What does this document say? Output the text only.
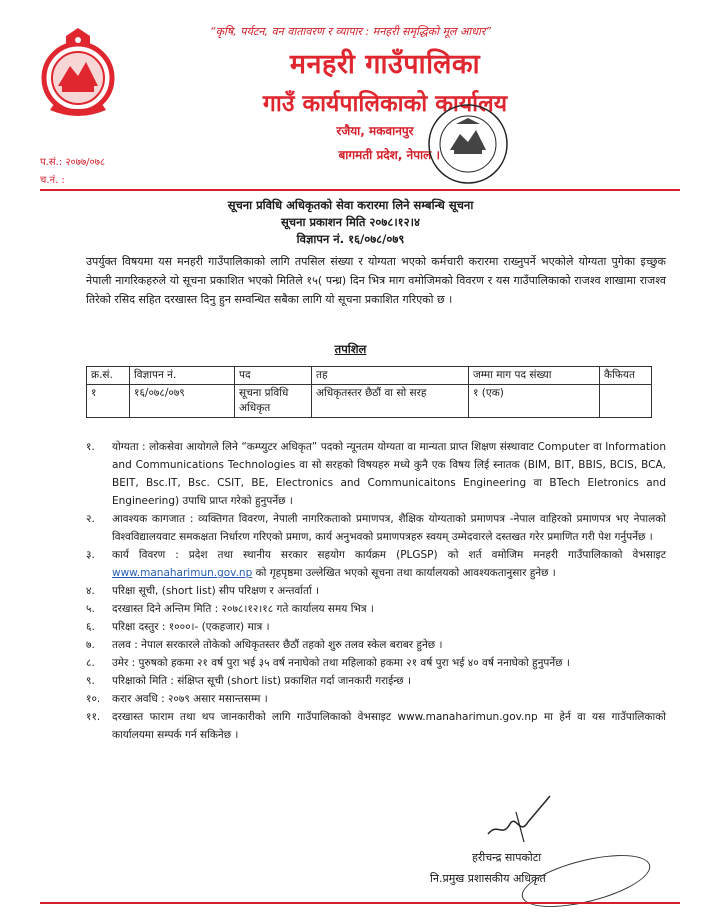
“कृषि, पर्यटन, वन वातावरण र व्यापार : मनहरी समृद्धिको मूल आधार”
मनहरी गाउँपालिका
गाउँ कार्यपालिकाको कार्यालय
रजैया, मकवानपुर
बागमती प्रदेश, नेपाल ।
प.सं.: २०७७/०७८
च.नं. :
सूचना प्रविधि अधिकृतको सेवा करारमा लिने सम्बन्धि सूचना
सूचना प्रकाशन मिति २०७८।१२।४
विज्ञापन नं. १६/०७८/०७९
उपर्युक्त विषयमा यस मनहरी गाउँपालिकाको लागि तपसिल संख्या र योग्यता भएको कर्मचारी करारमा राख्नुपर्ने भएकोले योग्यता पुगेका इच्छुक नेपाली नागरिकहरुले यो सूचना प्रकाशित भएको मितिले १५( पन्ध्र) दिन भित्र माग वमोजिमको विवरण र यस गाउँपालिकाको राजश्व शाखामा राजश्व तिरेको रसिद सहित दरखास्त दिनु हुन सम्वन्धित सबैका लागि यो सूचना प्रकाशित गरिएको छ ।
तपशिल
क्र.सं.	विज्ञापन नं.	पद	तह	जम्मा माग पद संख्या	कैफियत
१	१६/०७८/०७९	सूचना प्रविधि अधिकृत	अधिकृतस्तर छैठौं वा सो सरह	१ (एक)	
१.	योग्यता : लोकसेवा आयोगले लिने “कम्प्युटर अधिकृत” पदको न्यूनतम योग्यता वा मान्यता प्राप्त शिक्षण संस्थावाट Computer वा Information and Communications Technologies वा सो सरहको विषयहरु मध्ये कुनै एक विषय लिई स्नातक (BIM, BIT, BBIS, BCIS, BCA, BEIT, Bsc.IT, Bsc. CSIT, BE, Electronics and Communicaitons Engineering वा BTech Eletronics and Engineering) उपाधि प्राप्त गरेको हुनुपर्नेछ ।
२.	आवश्यक कागजात : व्यक्तिगत विवरण, नेपाली नागरिकताको प्रमाणपत्र, शैक्षिक योग्यताको प्रमाणपत्र -नेपाल वाहिरको प्रमाणपत्र भए नेपालको विश्वविद्यालयवाट समकक्षता निर्धारण गरिएको प्रमाण, कार्य अनुभवको प्रमाणपत्रहरु स्वयम् उम्मेदवारले दस्तखत गरेर प्रमाणित गरी पेश गर्नुपर्नेछ ।
३.	कार्य विवरण : प्रदेश तथा स्थानीय सरकार सहयोग कार्यक्रम (PLGSP) को शर्त वमोजिम मनहरी गाउँपालिकाको वेभसाइट www.manaharimun.gov.np को गृहपृष्ठमा उल्लेखित भएको सूचना तथा कार्यालयको आवश्यकतानुसार हुनेछ ।
४.	परिक्षा सूची, (short list) सीप परिक्षण र अन्तर्वार्ता ।
५.	दरखास्त दिने अन्तिम मिति : २०७८।१२।१८ गते कार्यालय समय भित्र ।
६.	परिक्षा दस्तुर : १०००।- (एकहजार) मात्र ।
७.	तलव : नेपाल सरकारले तोकेको अधिकृतस्तर छैठौं तहको शुरु तलव स्केल बराबर हुनेछ ।
८.	उमेर : पुरुषको हकमा २१ वर्ष पुरा भई ३५ वर्ष ननाघेको तथा महिलाको हकमा २१ वर्ष पुरा भई ४० वर्ष ननाघेको हुनुपर्नेछ ।
९.	परिक्षाको मिति : संक्षिप्त सूची (short list) प्रकाशित गर्दा जानकारी गराईन्छ ।
१०.	करार अवधि : २०७९ असार मसान्तसम्म ।
११.	दरखास्त फाराम तथा थप जानकारीको लागि गाउँपालिकाको वेभसाइट www.manaharimun.gov.np मा हेर्न वा यस गाउँपालिकाको कार्यालयमा सम्पर्क गर्न सकिनेछ ।
हरीचन्द्र सापकोटा
नि.प्रमुख प्रशासकीय अधिकृत
